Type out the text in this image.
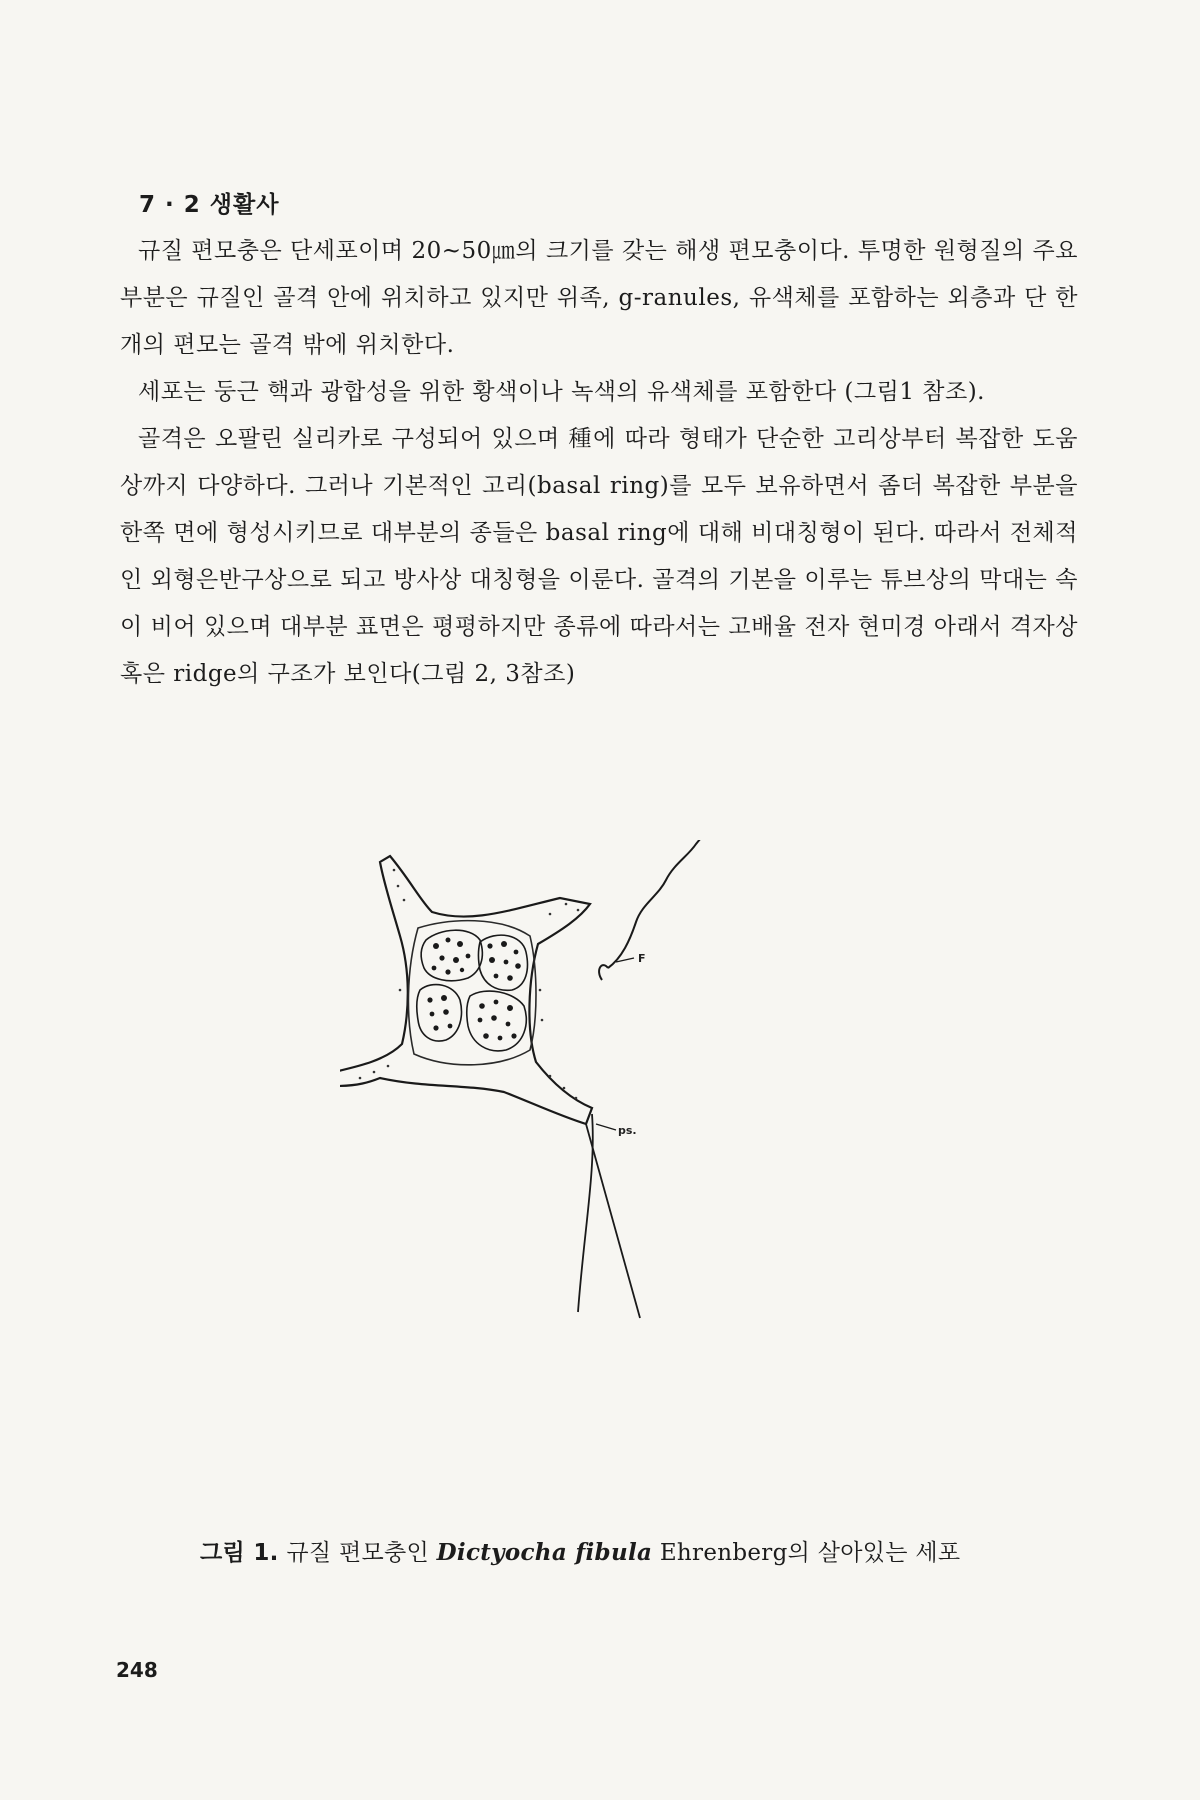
7 · 2 생활사

규질 편모충은 단세포이며 20~50㎛의 크기를 갖는 해생 편모충이다. 투명한 원형질의 주요 부분은 규질인 골격 안에 위치하고 있지만 위족, g-ranules, 유색체를 포함하는 외층과 단 한 개의 편모는 골격 밖에 위치한다.

세포는 둥근 핵과 광합성을 위한 황색이나 녹색의 유색체를 포함한다 (그림1 참조).

골격은 오팔린 실리카로 구성되어 있으며 種에 따라 형태가 단순한 고리상부터 복잡한 도움상까지 다양하다. 그러나 기본적인 고리(basal ring)를 모두 보유하면서 좀더 복잡한 부분을 한쪽 면에 형성시키므로 대부분의 종들은 basal ring에 대해 비대칭형이 된다. 따라서 전체적인 외형은반구상으로 되고 방사상 대칭형을 이룬다. 골격의 기본을 이루는 튜브상의 막대는 속이 비어 있으며 대부분 표면은 평평하지만 종류에 따라서는 고배율 전자 현미경 아래서 격자상 혹은 ridge의 구조가 보인다(그림 2, 3참조)

F
ps.
그림 1. 규질 편모충인 Dictyocha fibula Ehrenberg의 살아있는 세포
248
